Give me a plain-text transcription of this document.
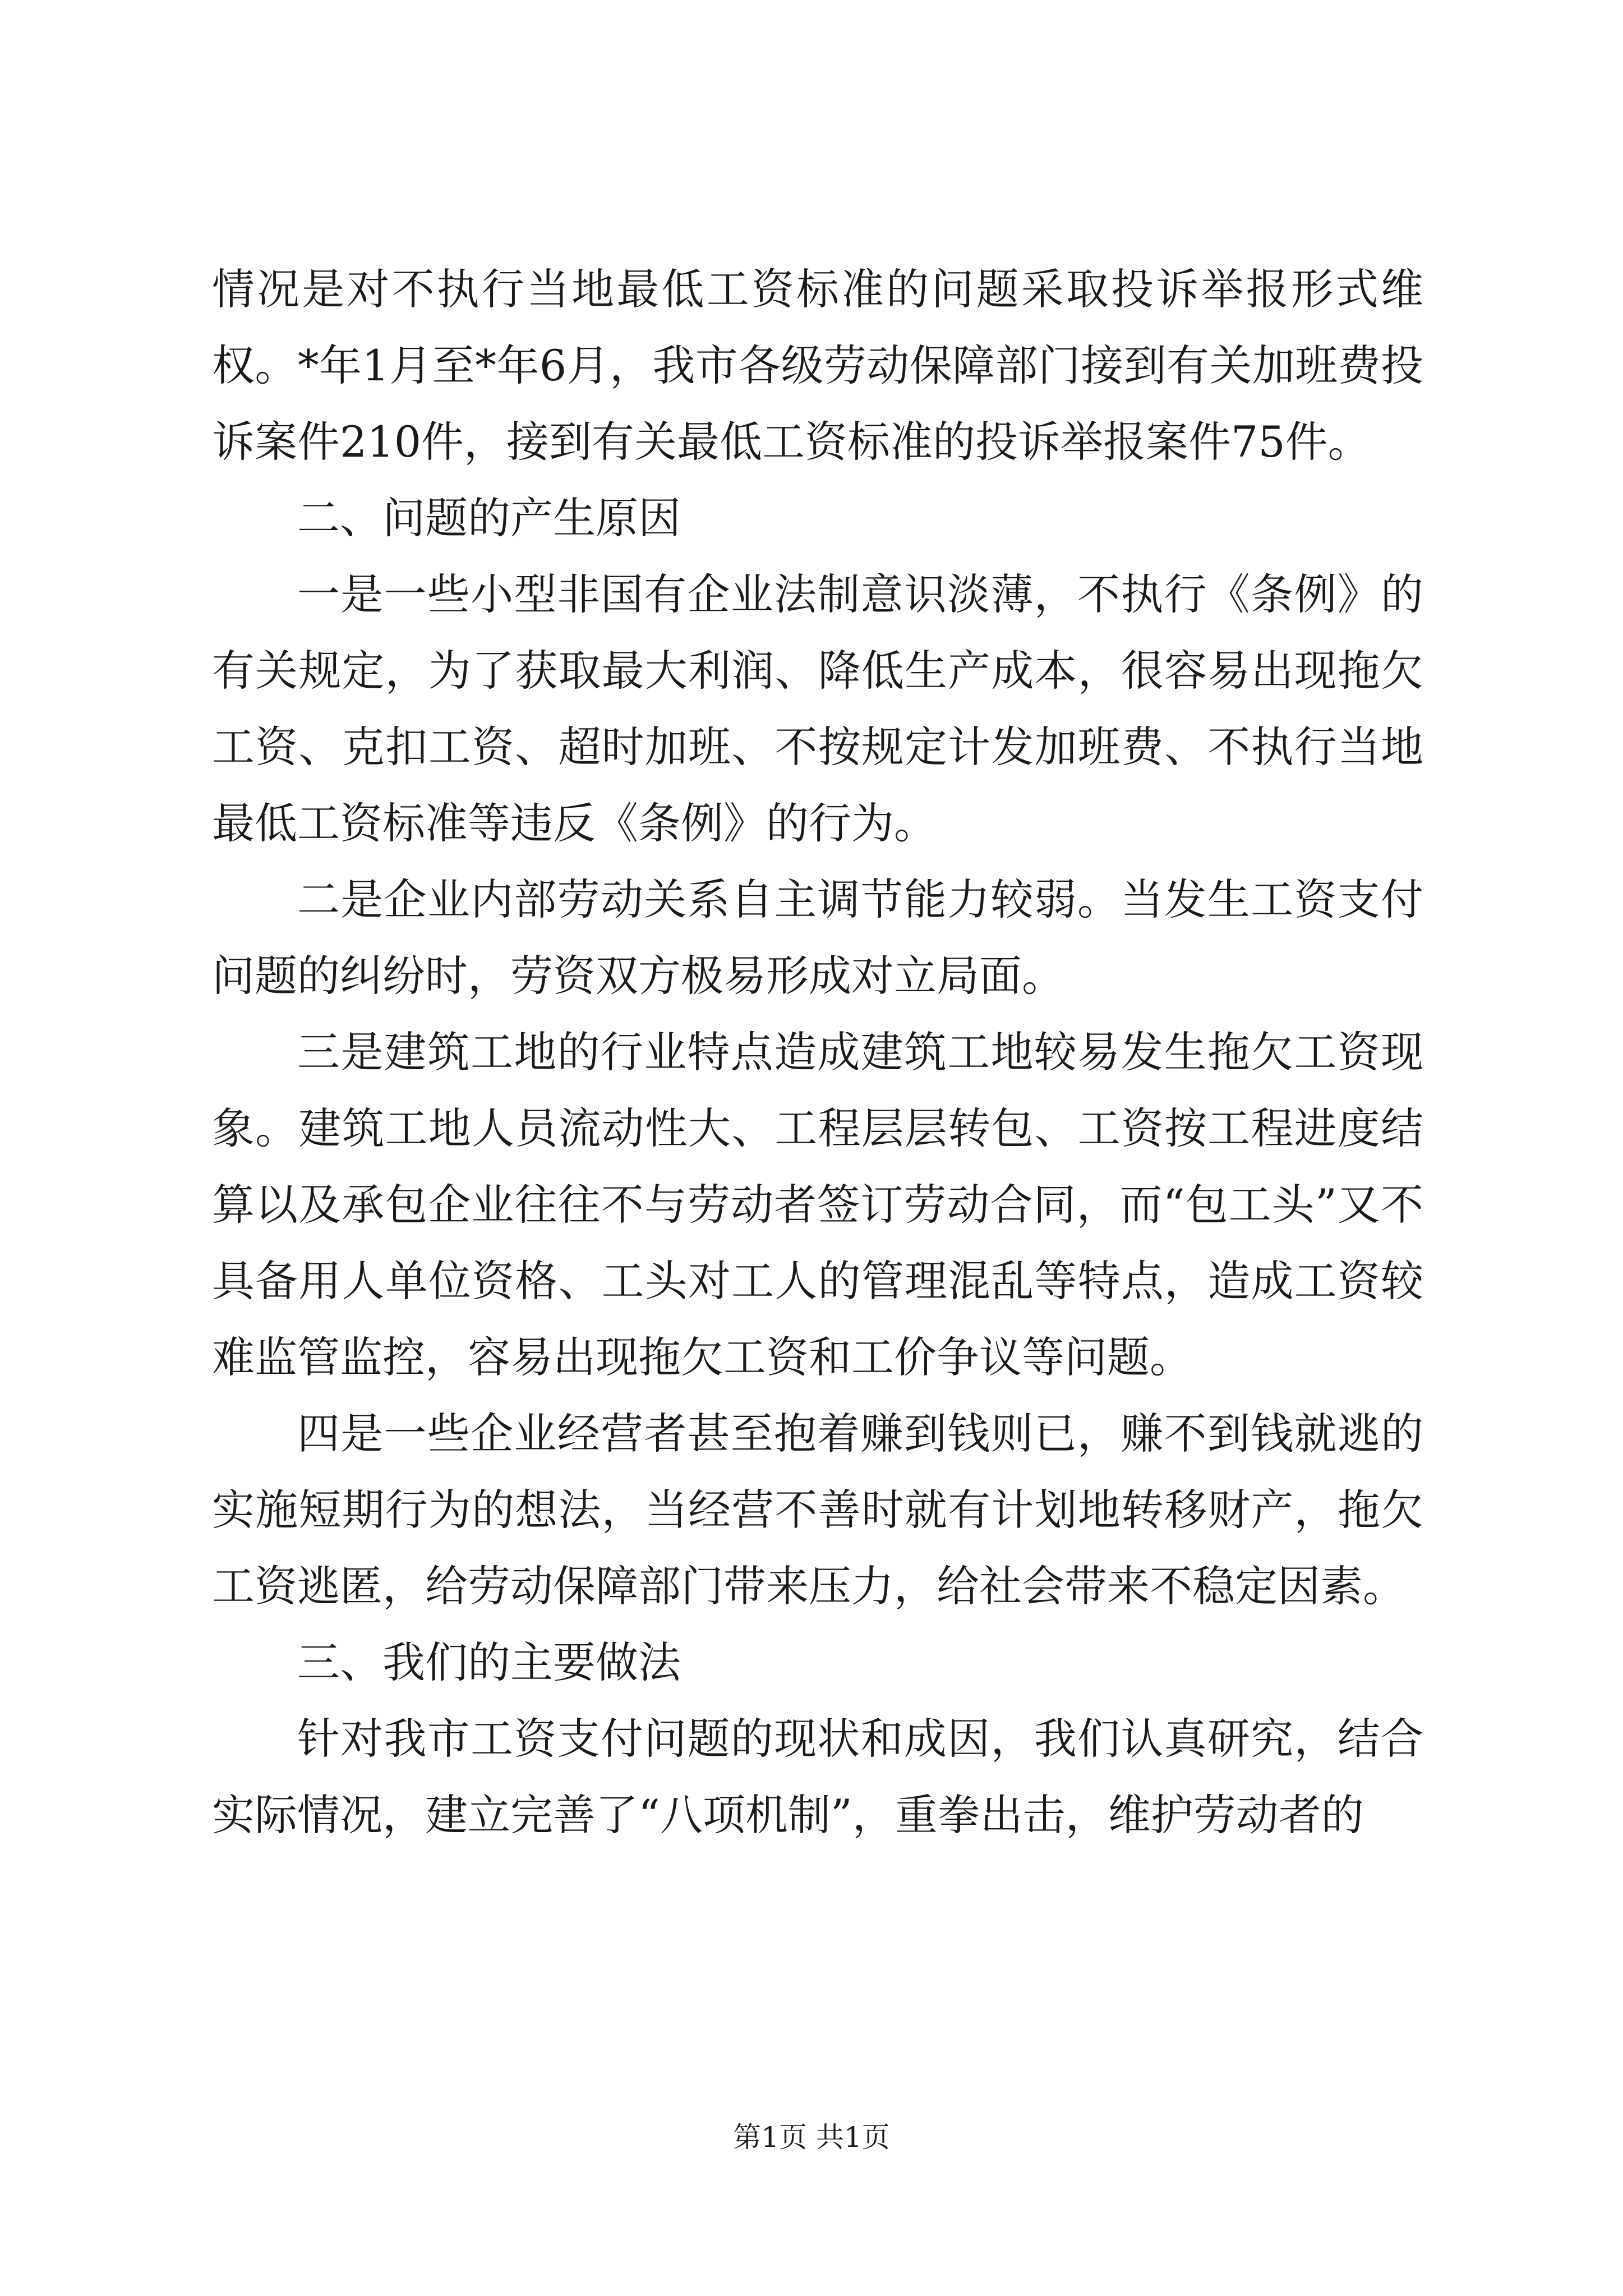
情况是对不执行当地最低工资标准的问题采取投诉举报形式维权。*年1月至*年6月，我市各级劳动保障部门接到有关加班费投诉案件210件，接到有关最低工资标准的投诉举报案件75件。

二、问题的产生原因

一是一些小型非国有企业法制意识淡薄，不执行《条例》的有关规定，为了获取最大利润、降低生产成本，很容易出现拖欠工资、克扣工资、超时加班、不按规定计发加班费、不执行当地最低工资标准等违反《条例》的行为。

二是企业内部劳动关系自主调节能力较弱。当发生工资支付问题的纠纷时，劳资双方极易形成对立局面。

三是建筑工地的行业特点造成建筑工地较易发生拖欠工资现象。建筑工地人员流动性大、工程层层转包、工资按工程进度结算以及承包企业往往不与劳动者签订劳动合同，而“包工头”又不具备用人单位资格、工头对工人的管理混乱等特点，造成工资较难监管监控，容易出现拖欠工资和工价争议等问题。

四是一些企业经营者甚至抱着赚到钱则已，赚不到钱就逃的实施短期行为的想法，当经营不善时就有计划地转移财产，拖欠工资逃匿，给劳动保障部门带来压力，给社会带来不稳定因素。

三、我们的主要做法

针对我市工资支付问题的现状和成因，我们认真研究，结合实际情况，建立完善了“八项机制”，重拳出击，维护劳动者的

第1页 共1页
